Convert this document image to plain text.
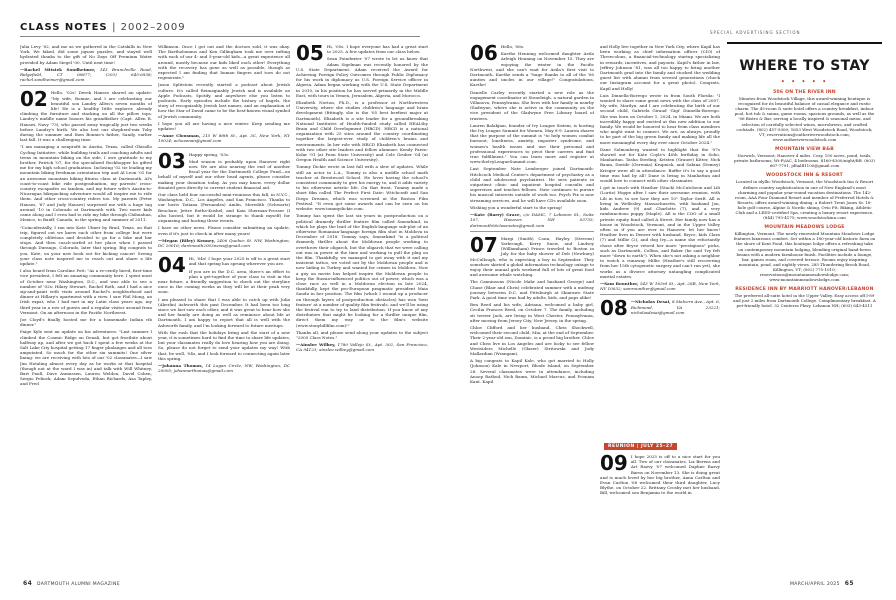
CLASS NOTES | 2002–2009

Julia Levy '02, and me as we gathered in the Catskills in New York. We hiked, did some jigsaw puzzles, and stayed well hydrated thanks to the gift of No Days Off Premium Water provided by Adam Siegel '00. Until next time!

—Rachel Mitstek Sondheimer, 143 Branchville Road, Ridgefield, CT 06877; (203) 645-6938; rachel.sondheimer@gmail.com

02 Hello, '02s! Derek Hanses shared an update: "My wife, Bonnie, and I are celebrating our beautiful son Landry Allen's seven months of life! He is a healthy little explorer, already climbing the furniture and stacking on all the pillow tops. Landry's middle name honors his grandfather (Capt. Allen R. Hanses, Navy '73), who passed away tragically just two weeks before Landry's birth. We also lost our shepherd-mix Toby during the summer and then Bonnie's father, Sandy, earlier last fall. It was a challenging time.

"I am managing a nonprofit in Austin, Texas, called Ghisallo Cycling Initiative, while building trails and coaching adults and teens in mountain biking on the side. I owe gratitude to my brother, Patrick '07, for the specialized Rockhopper he gifted me for my high school graduation. Inclosing '02 tie leading my mountain biking freshman orientation trip and Al Leon '01 for an awesome mountain biking fitness class at Dartmouth. Al's coast-to-coast bike ride postgraduation, my parents' cross-country escapades on tandem, and my future wife's Austin-to-Nicaragua bikepacking adventure would all inspire me to ride them. And other cross-country riders too. My parents (Peter Hanses, '67 and Judy Hanses) surprised me with a huge tag around '10 in Colorado at Dartmouth with. Two more kids came along and I even had to ride my bike through Chihuahua, Mexico, to Banff, Canada, in the spring and summer of 2011.

"Coincidentally, I ran into Kate Ulmer by Brad, Texas, on that trip, figured out we knew each other from college but were completely oblivious and decided to go for a bike and bar stops. And then coach-surfed at her place when I passed through Durango, Colorado, later that spring. Big congrats to you, Kate, on your new book out for kicking cancer! Seeing your class note inspired me to reach out and share a life update."

I also heard from Caroline Pott: "As a re-cently hired, first-time vice president, I felt an amazing community here. I spent most of October near Washington, D.C., and was able to see a number of '02s: Hilary Stewart, Rachel Roth, and I had a nice sip-and-paint with visits around Rachel's neighborhood and dinner at Hillary's apartment with a view. I saw Phil Mong, an Irish expat, who I had met in my Latin class years ago, my third year in a row of guests and a regular visitor around from Vermont. On an afternoon in the Pacific Northwest.

Joe Cloyd's finally hosted me for a homemade Indian rib dinner."

Paige Kyle sent an update on his adventures: "Last summer I climbed the Cosmic Ridge on Denali, but got frostbite about halfway up, and after we got back I spent a few weeks at the Salt Lake City hospital getting 17 finger phalanges and all toes amputated. So much for the other six summits! One silver lining: we are receiving with lots of our '02 classmates—I saw Jim Hotaling almost every day as he works at that hospital (though not at the ward I was in) and talk with Will Whitney, Bart Paull, Dave Asmussen, Lauren Weldon, David Cohen, Sergio Peliuck, Adam Sepulveda, Ethan Richards, Asa Tapley, and Fred

Wilkinson. Once I got out and the doctors sold, it was okay. The Bartholomaus and Ken Gillingham took me over rafting with each of our 4- and 5-year-old kids—a great experience all around, mostly because our kids liked each other! Everything with the recovery has gone as well as possible, though as expected I am finding that human fingers and toes do not regenerate."

Jason Splitstoin recently started a podcast about Jewish culture. It's called Reimaginably Jewish and is available on Apple Podcasts, Spotify, and anywhere else you listen to podcasts. Early episodes include the history of bagels, the story of recognizably Jewish last names, and an explanation of how the Star of David came to be the best-known visual symbol of Jewish community.

I hope you all are having a nice winter. Keep sending me updates!

—Anne Clousman, 215 W 88th St., Apt. 3C, New York, NY 10024; aclousman@gmail.com

03 Happy spring, '03s.

Mud season is probably upon Hanover right now. We are also nearing the end of another fiscal year for the Dartmouth College Fund—on behalf of myself and our other head agents, please consider making your donation today. As you may know, every dollar donated goes directly to current student financial aid.

Our class held four successful mini-reunions this fall, in N.Y.C., Washington, D.C., Los Angeles, and San Francisco. Thanks to our hosts Tatiana (Fernandes) Amlin, Meredith (Schwartz) Beuchaw, Jettre Rothe-Kushel, and Kaia Sherman-Prosser (I also hosted, but it would be strange to thank myself) for organizing and hosting these events.

I have no other news. Please consider submitting an update, even if it's just to check in after many years!

—Megan (Riley) Kenney, 2406 Quebec St. NW, Washington, DC 20016; dartmouth2003news@gmail.com

04 Hi, '04s! I hope your 2025 is off to a great start and that spring has sprung wherever you are.

If you are in the D.C. area, there's an effort to plan a get-together of your class to visit in the near future, a friendly suggestion to check out the storyline once in the coming weeks as they will be at their peak very soon.

I am pleased to share that I was able to catch up with Julia (Aberlin) Ashworth this past December. It had been too long since we last saw each other, and it was great to hear how she and her family are doing as well as reminisce about life at Dartmouth. I am happy to report that all is well with the Ashworth family, and I'm looking forward to future meetups.

With the rush that the holidays bring and the start of a new year, it is sometimes hard to find the time to share life updates, but your classmates really do love hearing how you are doing. So, please do not forget to send your updates my way! With that, be well, '04s, and I look forward to connecting again later this spring.

—Johanna Thomas, 14 Logan Circle, NW, Washington, DC 20005; johannarthomas@gmail.com

05 Hi, '05s. I hope everyone has had a great start to 2025. A few updates from our class below.

Sean Poindexter '07 wrote to let us know that Adam Sigelman was recently honored by the U.S. State Department. Adam received the Award for Achieving Foreign Policy Outcomes through Public Diplomacy for his work in diplomacy as U.S. Foreign Service officer in Algeria. Adam began working with the U.S. State Department in 2010, in his position he has served primarily in the Middle East, with tours in Yemen, Jerusalem, Algeria, and Morocco.

Elizabeth Norton, Ph.D., is a professor at Northwestern University, where she studies children's language and brain development (fittingly, she is the '05 best beefiest major at Dartmouth). Elizabeth is a site leader for a groundbreaking National Institutes of Health-funded study called HEALthy Brain and Child Development (HBCD). HBCD is a national organization with 25 sites around the country coordinating together the largest-ever study of children's brains and environments. In her role with HBCD Elizabeth has connected with two other site leaders and fellow alumnae: Kendy Faren-Kolar '91 (at Penn State University) and Cole Gruber '04 (at Oregon Health and Science University).

Tommy Dickie wrote in last fall with a slew of updates. While still an actor in L.A., Tommy is also a middle school math teacher at Brentwood School. He loves having the school's consistent community to give his energy to, and it adds variety to his otherwise artistic life. On that front, Tommy made a short film called The Perfect First Date: Witchcraft and San Diego Dreams, which was screened at the Boston Film Festival. "It even got some awards and can be seen on his website: www.tommydickie.com.

Tommy has spent the last six years in postproduction on a political dramedy thriller feature film called Smearkind, in which he plays the lead of the English-language sub-plot of an otherwise Romanian-language foreign film shot in Moldova in December of 2018. Tommy says, Smearkind "is a political dramedy thriller about the Moldovan people working to overthrow their oligarch, but the oligarch that we were calling out was in power at the time and working to pull the plug on the film. Thankfully, we managed to get away with it and my insistent tattoo, we voted out by the Moldovan people and is now hiding in Turkey and wanted for crimes in Moldova. Now a guy on movie has helped inspire the Moldovan people to keep the Russia-influenced politics out of power, which was a close race as well in a Moldovan election in late 2024, thankfully, kept the pro-European pragmatic president Maia Sandu in her position. The film (which I wound up a producer on through layers of postproduction obstacles) has won 'best feature' at a number of quality film festivals, and we'll be using the festival run to try to land distribution. If you know of any distributors that might be looking for a thriller unique film, direct them my way or to the film's website (www.stonyhillfilm.com)!"

Thanks all, and please send along your updates to the subject "2005 Class Notes."

—Ainslee Wilbey, 1780 Vallejo St., Apt. 302, San Francisco, CA 94123; ainslee.wilbey@gmail.com

64 DARTMOUTH ALUMNI MAGAZINE
SPECIAL ADVERTISING SECTION
06 Hello, '06s.

Kaethe Henning welcomed daughter Aeila Arleigh Henning on November 15. They are enjoying the winter in the Pacific Northwest, and she can't wait for Aeila's first visit to Dartmouth. Kaethe sends a "huge thanks to all of the '06 aunties and uncles in our village!" Congratulations, Kaethe!

Danielle Carley recently started a new role as the engagement coordinator at Stoneleigh, a natural garden in Villanova, Pennsylvania. She lives with her family in nearby Gladwyne, where she is active in the community on the vice president of the Gladwyne Free Library board of trustees.

Lauren Balakjian, founder of Ivy League Sistem, is hosting the Ivy League Summit for Women, May 8-9. Lauren shares that the purpose of the summit is "to help women combat burnout, loneliness, anxiety, imposter syndrome, and women's health issues and use their personal and professional experiences to pivot their careers and find true fulfillment." You can learn more and register at www.theIvyLeagueSummit.com.

Last September Nate Lemberger joined Dartmouth-Hitchcock Medical Center's department of psychiatry as a child and adolescent psychiatrist. He sees patients in outpatient clinic and inpatient hospital consults and supervises and teaches fellows. Nate continues to pursue his musical interests outside of work too. Psych Fix is now streaming services, and he will have CDs available soon.

Wishing you a wonderful start to the spring!

—Kate (Barry) Grace, c/o DAMC, 7 Lebanon St., Suite 107, Hanover, NH 03755; dartmouth06classnotes@gmail.com

07 Margi (Smith) Conn, Hayley (Stevens) Yarbrough, Kerry Snow, and Lindsey (Williamham) Prince traveled to Boston in July for the baby shower of Deb (Newbury) McCullough, who is expecting a boy in September. They somehow skirted a global information technology outage to enjoy their annual girls weekend full of lots of great food and awesome whale watching.

The Canninsons (Nicole Mahr and husband George) and Chase (Blair and Chris) celebrated summer with a midway journey between D.C. and Pittsburgh at Skiarawe State Park. A good time was had by adults, kids, and pups alike!

Ben Reed and his wife, Adriana, welcomed a baby girl, Cecilia Frances Reed, on October 7. The family, including sit terrier Jack, are living in West Chester, Pennsylvania, after moving from Jersey City, New Jersey, in the spring.

Chloe Clifford and her husband, Chris Shockwell, welcomed their second child, Mia, at the end of September. Their 2-year-old son, Dominic, is a proud big brother. Chloe and Chris live in Los Angeles and are lucky to see fellow Westsiders Michelle (Glaser) Stritowski and Judy Mallardian (Wrangam).

A big congrats to Kapil Kale, who got married to Holly (Johnson) Kale in Newport, Rhode Island, on September 28. Several classmates were in attendance, including Anoop Rathod, Nick Baum, Michael Marcus, and Poonam Kant. Kapil

and Holly live together in New York City, where Kapil has been working as chief information officer (CIO) of Threecolons, a financial-technology startup specializing in rewards, incentives, and payouts. Kapil's father in law, Jeffrey Johnson '81, was all too happy to bring another Dartmouth grad into the family and stocked the wedding guest list with alumni from several generations (check our Instagram account for a great photo). Congrats, Kapil and Holly!

Luis Dinnella-Borrego wrote in from South Florida: "I wanted to share some great news with the class of 2007. My wife, Marilyn, and I are celebrating the birth of our second child, Gabriela Giraud 'Gigi' Dinnella-Borrego. She was born on October 1, 2024, in Miami. We are both incredibly happy and excited at this new addition to our family. We would be honored to hear from class members who might want to connect. We are, as always, proudly to be part of the big green family and making life all the more meaningful every day ever since October 2024."

Dane Solmonberg wanted to highlight that the '07s showed out for Kate Coyle's 40th birthday in Soho, Manhattan. Tasha Sterling, Kristen (Grauer) Kitter, Nick Baum, Davide (Geremia) Krupnick, and Sabina (Demey) Krieger were all in attendance. Buffer it's to say a good time was had by all! Dane is living in Manhattan and would love to connect with other classmates.

I got in touch with Heather (Stack) McCutcheon and Lili (Loritz) Hoppe after I saw their awesome reunion, with Lili in tow, to see how they are 10" Taylor Swift. All is living in Wellesley, Massachusetts, with husband Jon, kids Andrew (9) and Charlotte (7), and a very rambunctious puppy (Maple). All is the COO of a small private equity fund called A Street. Her family now has a house in Woodstock, Vermont, and in the Upper Valley often so if you are ever in Hanover, let her know! Heather lives in Denver with husband, Bryce, kids Clara (7) and Millie (2), and dog Ivy—a name she reluctantly chose after Bryce vetoed her more "prestigious" picks, such as Dartmouth, Collins, and Baker (be said 'Ivy felt more "down to earth"). When she's not asking a neighbor to watch a runaway Millie (Heather's still recovering from her 15th cytogenetic surgery and can't run yet), she works as a divorce attorney untangling complicated marital estates.

—Sam Rounther, 543 W 163rd St., Apt. 2SB, New York, NY 10032; samrounther@gmail.com

08 —Nicholas Desai, 8 Malvern Ave., Apt. 6, Richmond, VA 23221; nicholasdesai@gmail.com

REUNION | JULY 25–27
09 I hope 2025 is off to a nice start for you all. Two of our classmates, Liz Berens and Art Razvy '07 welcomed Daphne Razvy Barns on November 13. She is doing great and is much loved by her big brother, Anna Carlton and Evan Carlton '08 welcomed their third daughter, Lucy Blythe, on October 22. Brittany Crosby met her husband, Bill, welcomed son Benjamin to the world in

WHERE TO STAY
• • • • •
506 ON THE RIVER INN
Minutes from Woodstock Village, this award-winning boutique is recognized for its beautiful balance of casual elegance and rustic charm. The 45-room & suite hotel offers a country breakfast, indoor pool, hot tub & sauna, game rooms, spacious grounds, as well as the '06 Bistro & Bar, serving a locally inspired & seasonal menu, and selection of carefully selected wines, microbrews, and crafted cocktails. (802) 457-5000; 1653 West Woodstock Road, Woodstock, VT; reservations@ontheriverwoodstock.com; www.ontheriverwoodstock.com
MOUNTAIN VIEW B&B
Norwich, Vermont; Hanover 4 miles. Cozy, 150 acres, pond, trails, private bathrooms, Wi-Fi/AC, 4 bedrooms. $160-$300/night/BB. (603) 667-7791, jdhalfl1100@gmail.com
WOODSTOCK INN & RESORT
Located in idyllic Woodstock, Vermont, the Woodstock Inn & Resort defines country sophistication in one of New England's most charming and popular year-round vacation destinations. The 142-room, AAA Four Diamond Resort and member of Preferred Hotels & Resorts, offers award-winning dining, a Robert Trent Jones Sr. 18-hole golf course, Alpine & Nordic skiing, Ovio Fit, Biking, Athletic Club and a LEED-certified Spa, creating a luxury resort experience. (844) 795-4175; www.woodstockinn.com
MOUNTAIN MEADOWS LODGE
Killington, Vermont. The newly renovated Mountain Meadows Lodge features luxurious comfort. Set within a 180-year-old historic farm on the shore of Kent Pond, this boutique lodge offers a refreshing take on contemporary mountain lodging, blending original hand-hewn beams with a modern farmhouse finish. Facilities include a lounge, bar, games room, and covered terrace. Rooms enjoy inspiring mountain, pond, and nightly views. 285 Thundering Brook Road, Killington, VT; (802) 775-1010; reservations@mountainmeadowslodge.com; www.mountainmeadowslodge.com
RESIDENCE INN BY MARRIOTT HANOVER/LEBANON
The preferred all-suite hotel in the Upper Valley. Easy access off I-89 and just 2 miles from Dartmouth College. Complimentary breakfast. A pet-friendly hotel. 32 Centerra Pkwy, Lebanon NH; (603) 643-4511
MARCH/APRIL 2025 65
